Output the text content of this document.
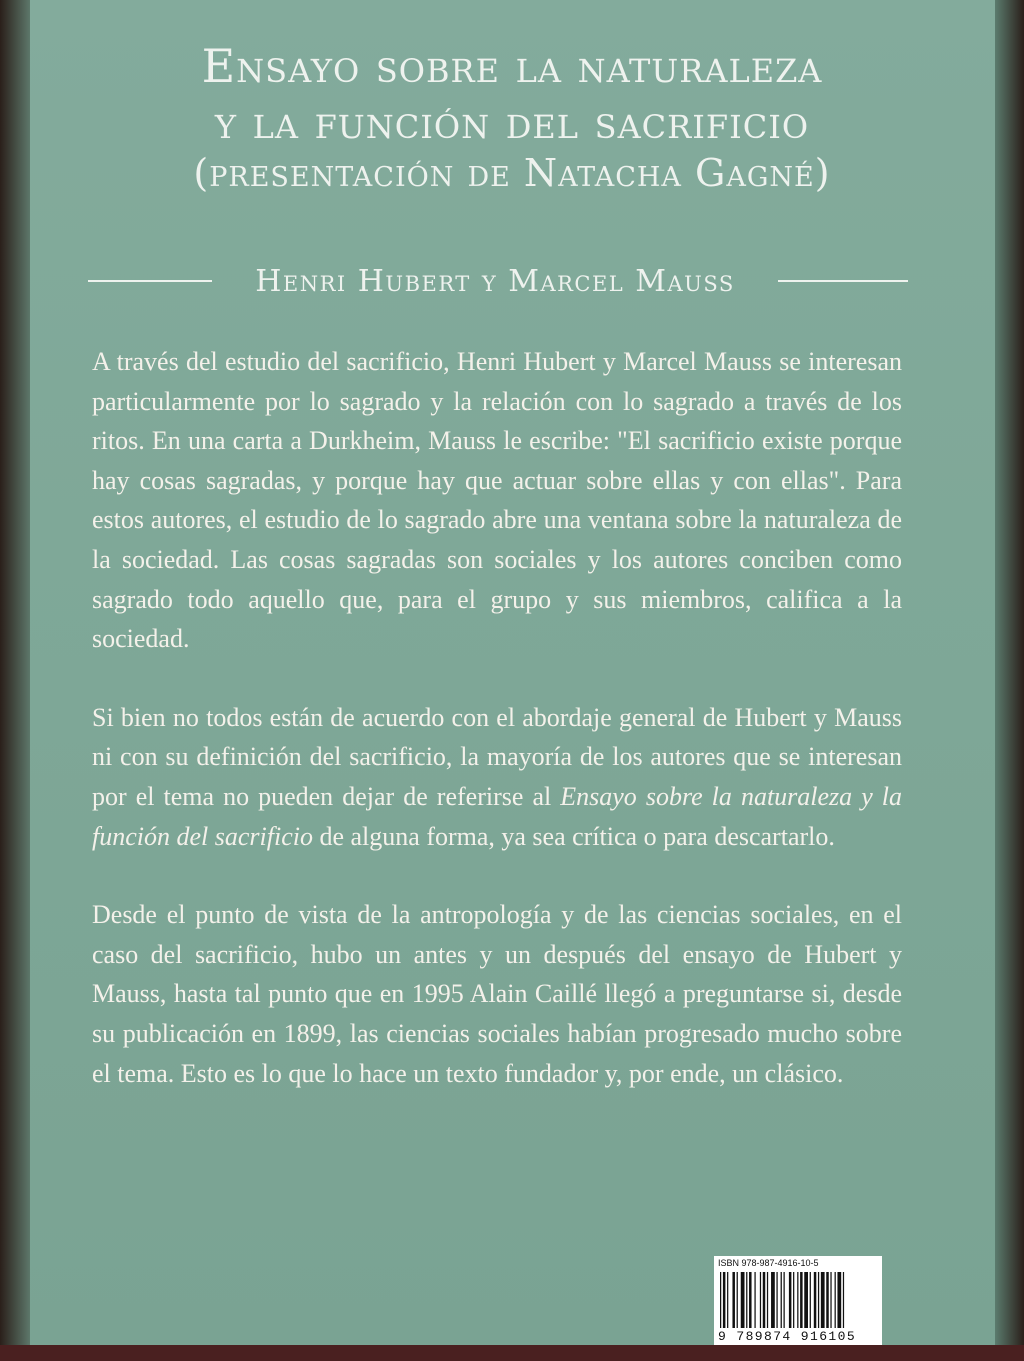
Ensayo sobre la naturaleza

y la función del sacrificio

(presentación de Natacha Gagné)

Henri Hubert y Marcel Mauss

A través del estudio del sacrificio, Henri Hubert y Marcel Mauss se interesan particularmente por lo sagrado y la relación con lo sagrado a través de los ritos. En una carta a Durkheim, Mauss le escribe: "El sacrificio existe porque hay cosas sagradas, y porque hay que actuar sobre ellas y con ellas". Para estos autores, el estudio de lo sagrado abre una ventana sobre la naturaleza de la sociedad. Las cosas sagradas son sociales y los autores conciben como sagrado todo aquello que, para el grupo y sus miembros, califica a la sociedad.

Si bien no todos están de acuerdo con el abordaje general de Hubert y Mauss ni con su definición del sacrificio, la mayoría de los autores que se interesan por el tema no pueden dejar de referirse al Ensayo sobre la naturaleza y la función del sacrificio de alguna forma, ya sea crítica o para descartarlo.

Desde el punto de vista de la antropología y de las ciencias sociales, en el caso del sacrificio, hubo un antes y un después del ensayo de Hubert y Mauss, hasta tal punto que en 1995 Alain Caillé llegó a preguntarse si, desde su publicación en 1899, las ciencias sociales habían progresado mucho sobre el tema. Esto es lo que lo hace un texto fundador y, por ende, un clásico.

ISBN 978-987-4916-10-5
9 789874 916105
